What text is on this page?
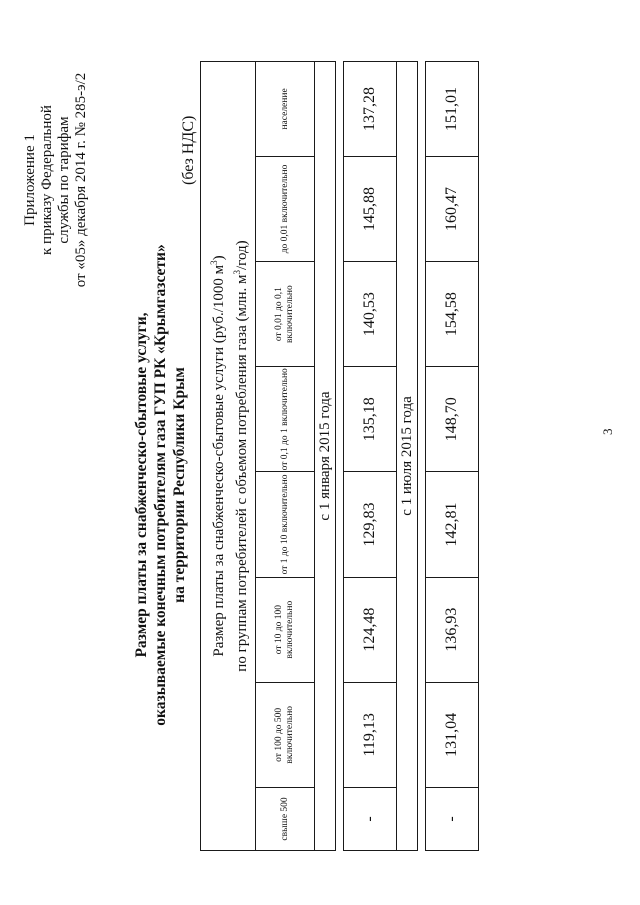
Приложение 1 к приказу Федеральной службы по тарифам от «05» декабря 2014 г. № 285-э/2
Размер платы за снабженческо-сбытовые услуги, оказываемые конечным потребителям газа ГУП РК «Крымгазсети» на территории Республики Крым
(без НДС)
Размер платы за снабженческо-сбытовые услуги (руб./1000 $м^3$)
по группам потребителей с объемом потребления газа (млн. $м^3/год$)							

свыше 500	от 100 до 500 включительно	от 10 до 100 включительно	от 1 до 10 включительно	от 0,1 до 1 включительно	от 0,01 до 0,1 включительно	до 0,01 включительно	население
с 1 января 2015 года							

-	119,13	124,48	129,83	135,18	140,53	145,88	137,28
с 1 июля 2015 года							

-	131,04	136,93	142,81	148,70	154,58	160,47	151,01
3
